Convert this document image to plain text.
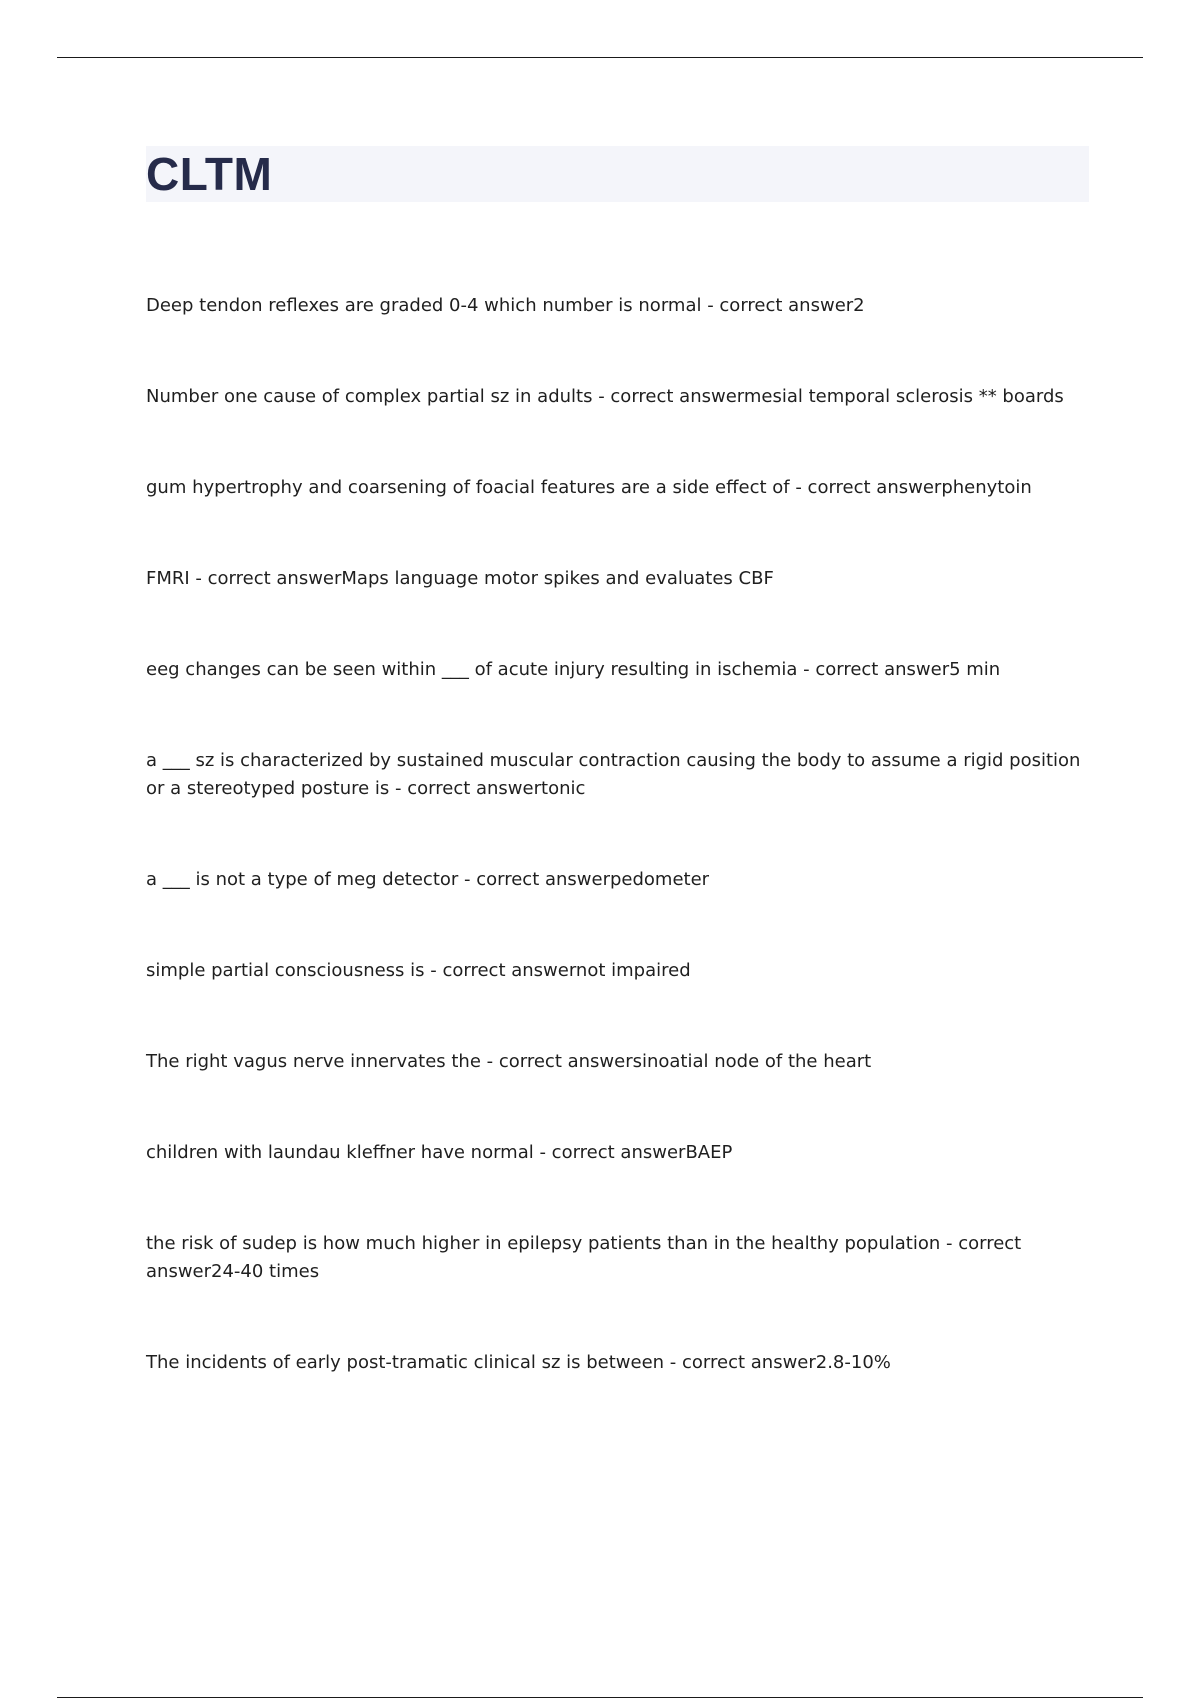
CLTM
Deep tendon reflexes are graded 0-4 which number is normal - correct answer2
Number one cause of complex partial sz in adults - correct answermesial temporal sclerosis ** boards
gum hypertrophy and coarsening of foacial features are a side effect of - correct answerphenytoin
FMRI - correct answerMaps language motor spikes and evaluates CBF
eeg changes can be seen within ___ of acute injury resulting in ischemia - correct answer5 min
a ___ sz is characterized by sustained muscular contraction causing the body to assume a rigid position or a stereotyped posture is - correct answertonic
a ___ is not a type of meg detector - correct answerpedometer
simple partial consciousness is - correct answernot impaired
The right vagus nerve innervates the - correct answersinoatial node of the heart
children with laundau kleffner have normal - correct answerBAEP
the risk of sudep is how much higher in epilepsy patients than in the healthy population - correct answer24-40 times
The incidents of early post-tramatic clinical sz is between - correct answer2.8-10%
